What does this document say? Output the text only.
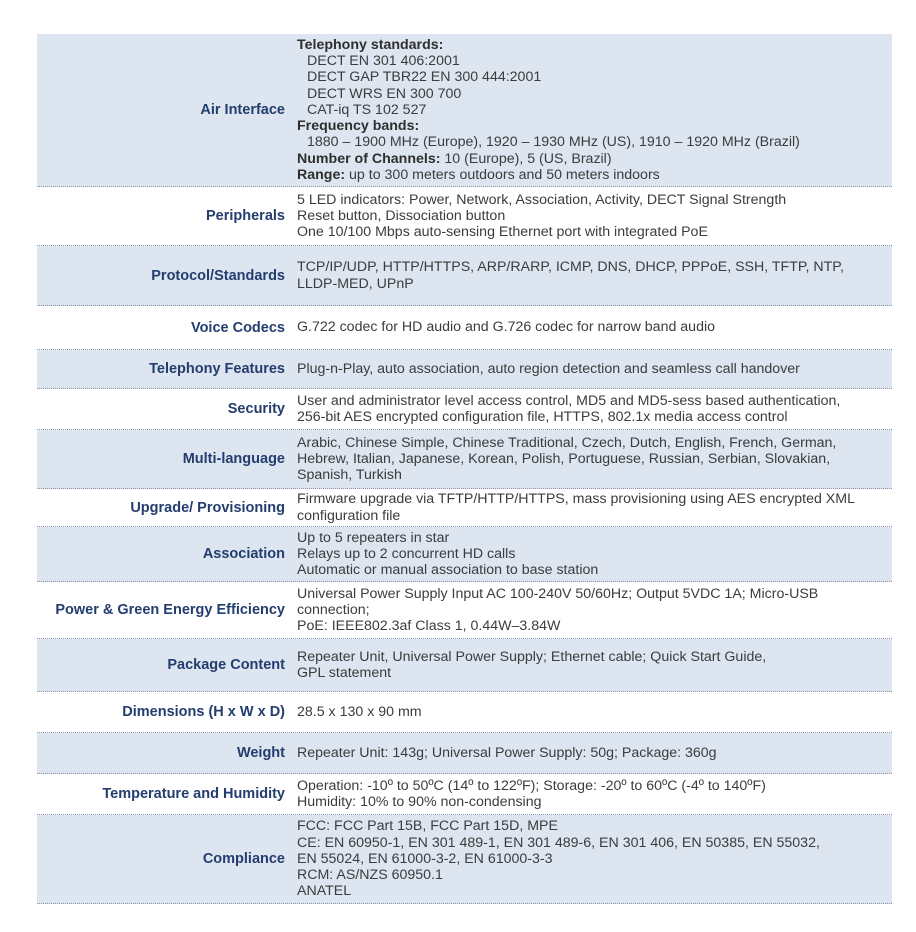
Air Interface
Telephony standards:
DECT EN 301 406:2001
DECT GAP TBR22 EN 300 444:2001
DECT WRS EN 300 700
CAT-iq TS 102 527
Frequency bands:
1880 – 1900 MHz (Europe), 1920 – 1930 MHz (US), 1910 – 1920 MHz (Brazil)
Number of Channels: 10 (Europe), 5 (US, Brazil)
Range: up to 300 meters outdoors and 50 meters indoors
Peripherals
5 LED indicators: Power, Network, Association, Activity, DECT Signal Strength
Reset button, Dissociation button
One 10/100 Mbps auto-sensing Ethernet port with integrated PoE
Protocol/Standards
TCP/IP/UDP, HTTP/HTTPS, ARP/RARP, ICMP, DNS, DHCP, PPPoE, SSH, TFTP, NTP,
LLDP-MED, UPnP
Voice Codecs G.722 codec for HD audio and G.726 codec for narrow band audio
Telephony Features Plug-n-Play, auto association, auto region detection and seamless call handover
Security
User and administrator level access control, MD5 and MD5-sess based authentication,
256-bit AES encrypted configuration file, HTTPS, 802.1x media access control
Multi-language
Arabic, Chinese Simple, Chinese Traditional, Czech, Dutch, English, French, German,
Hebrew, Italian, Japanese, Korean, Polish, Portuguese, Russian, Serbian, Slovakian,
Spanish, Turkish
Upgrade/ Provisioning
Firmware upgrade via TFTP/HTTP/HTTPS, mass provisioning using AES encrypted XML
configuration file
Association
Up to 5 repeaters in star
Relays up to 2 concurrent HD calls
Automatic or manual association to base station
Power & Green Energy Efficiency
Universal Power Supply Input AC 100-240V 50/60Hz; Output 5VDC 1A; Micro-USB
connection;
PoE: IEEE802.3af Class 1, 0.44W–3.84W
Package Content
Repeater Unit, Universal Power Supply; Ethernet cable; Quick Start Guide,
GPL statement
Dimensions (H x W x D) 28.5 x 130 x 90 mm
Weight Repeater Unit: 143g; Universal Power Supply: 50g; Package: 360g
Temperature and Humidity
Operation: -10º to 50ºC (14º to 122ºF); Storage: -20º to 60ºC (-4º to 140ºF)
Humidity: 10% to 90% non-condensing
Compliance
FCC: FCC Part 15B, FCC Part 15D, MPE
CE: EN 60950-1, EN 301 489-1, EN 301 489-6, EN 301 406, EN 50385, EN 55032,
EN 55024, EN 61000-3-2, EN 61000-3-3
RCM: AS/NZS 60950.1
ANATEL
